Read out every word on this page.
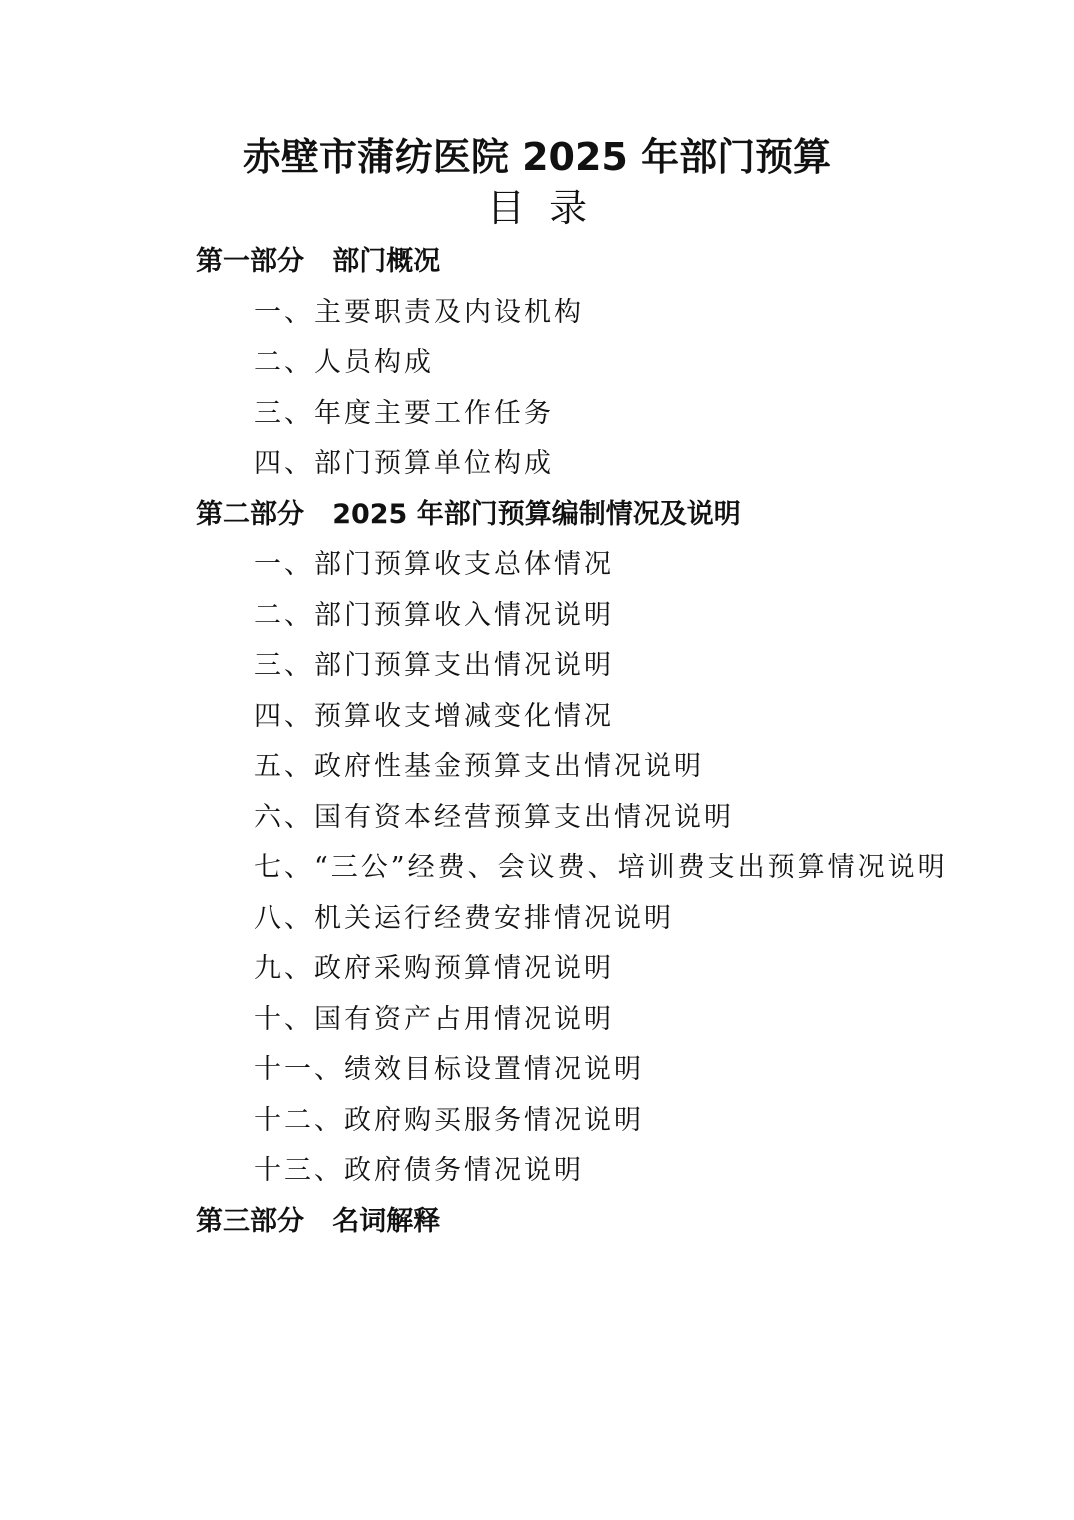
赤壁市蒲纺医院 2025 年部门预算
目  录
第一部分   部门概况
一、主要职责及内设机构
二、人员构成
三、年度主要工作任务
四、部门预算单位构成
第二部分   2025 年部门预算编制情况及说明
一、部门预算收支总体情况
二、部门预算收入情况说明
三、部门预算支出情况说明
四、预算收支增减变化情况
五、政府性基金预算支出情况说明
六、国有资本经营预算支出情况说明
七、“三公”经费、会议费、培训费支出预算情况说明
八、机关运行经费安排情况说明
九、政府采购预算情况说明
十、国有资产占用情况说明
十一、绩效目标设置情况说明
十二、政府购买服务情况说明
十三、政府债务情况说明
第三部分   名词解释
